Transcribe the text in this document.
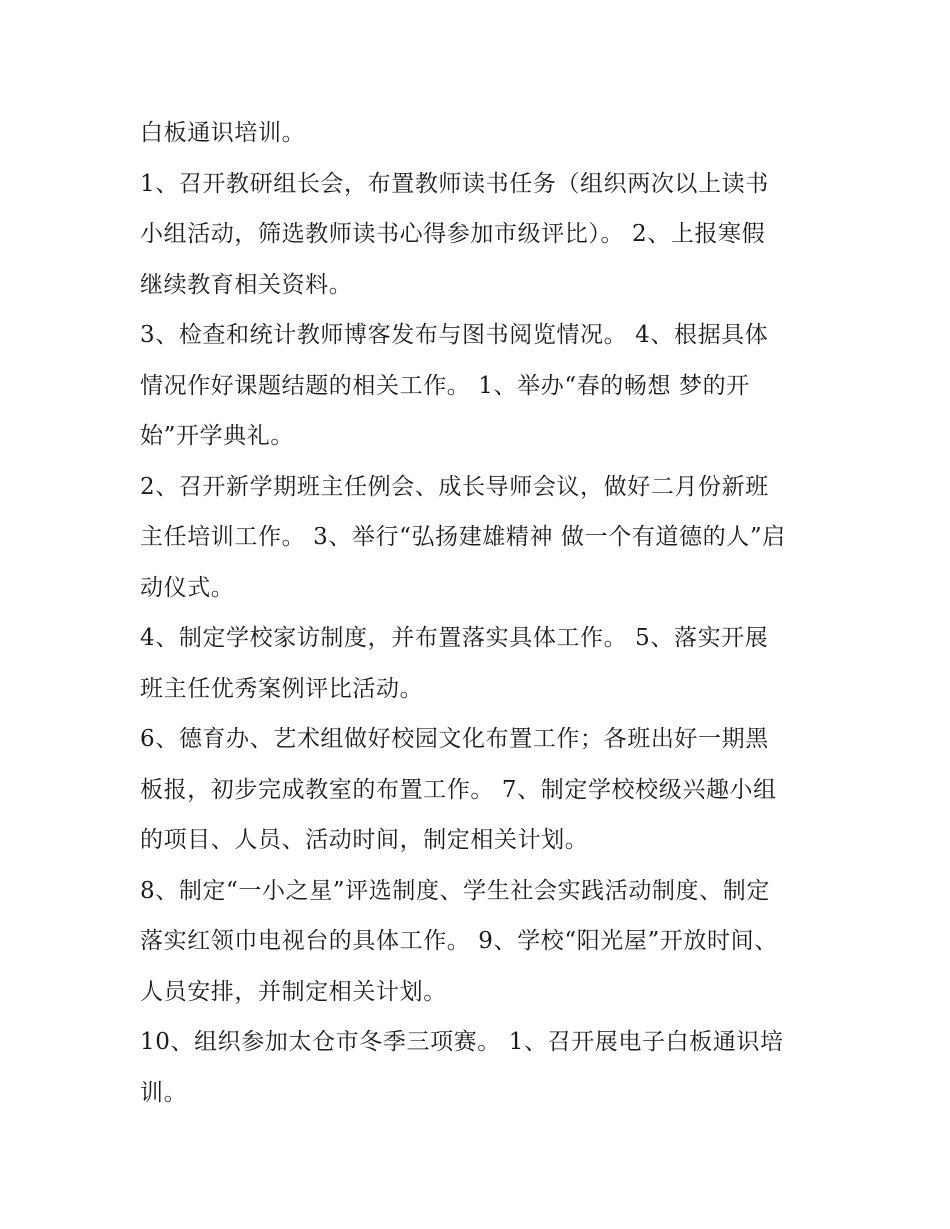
白板通识培训。
1、召开教研组长会，布置教师读书任务（组织两次以上读书
小组活动，筛选教师读书心得参加市级评比）。 2、上报寒假
继续教育相关资料。
3、检查和统计教师博客发布与图书阅览情况。 4、根据具体
情况作好课题结题的相关工作。 1、举办“春的畅想 梦的开
始”开学典礼。
2、召开新学期班主任例会、成长导师会议，做好二月份新班
主任培训工作。 3、举行“弘扬建雄精神 做一个有道德的人”启
动仪式。
4、制定学校家访制度，并布置落实具体工作。 5、落实开展
班主任优秀案例评比活动。
6、德育办、艺术组做好校园文化布置工作；各班出好一期黑
板报，初步完成教室的布置工作。 7、制定学校校级兴趣小组
的项目、人员、活动时间，制定相关计划。
8、制定“一小之星”评选制度、学生社会实践活动制度、制定
落实红领巾电视台的具体工作。 9、学校“阳光屋”开放时间、
人员安排，并制定相关计划。
10、组织参加太仓市冬季三项赛。 1、召开展电子白板通识培
训。
